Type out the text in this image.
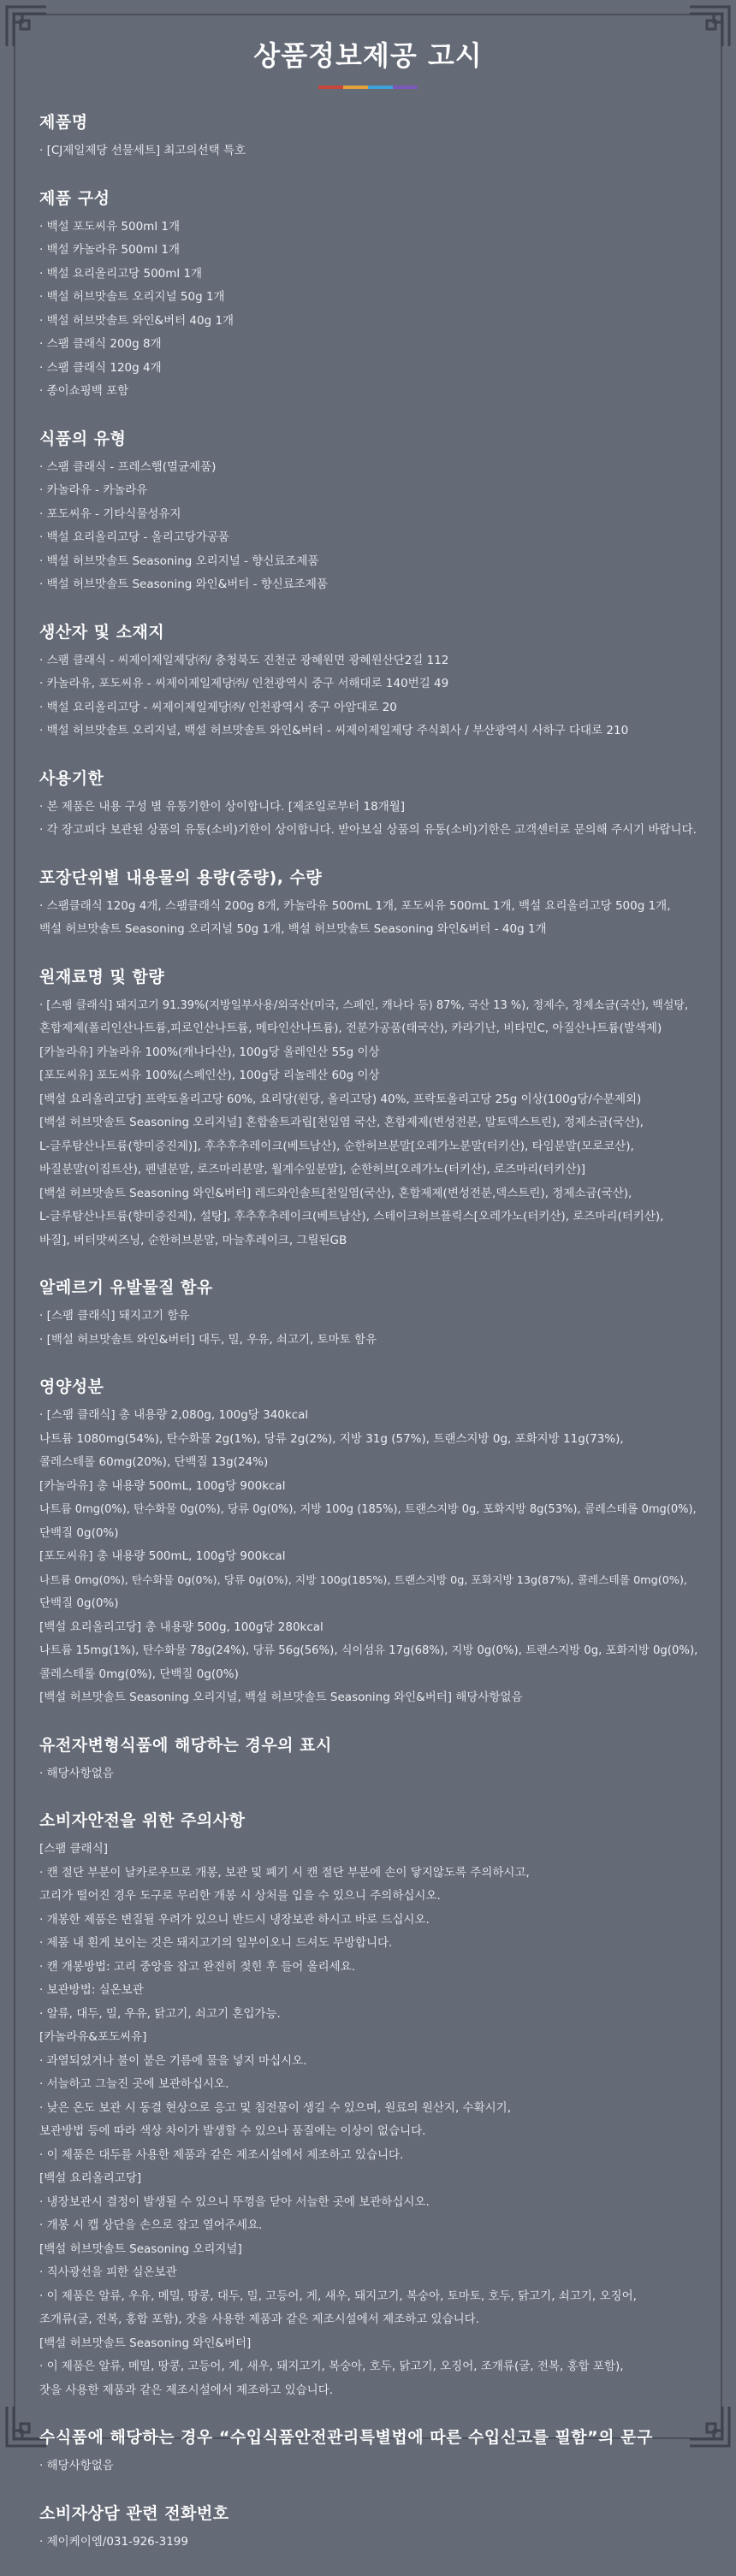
상품정보제공 고시
제품명
· [CJ제일제당 선물세트] 최고의선택 특호
제품 구성
· 백설 포도씨유 500ml 1개
· 백설 카놀라유 500ml 1개
· 백설 요리올리고당 500ml 1개
· 백설 허브맛솔트 오리지널 50g 1개
· 백설 허브맛솔트 와인&버터 40g 1개
· 스팸 클래식 200g 8개
· 스팸 클래식 120g 4개
· 종이쇼핑백 포함
식품의 유형
· 스팸 클래식 - 프레스햄(멸균제품)
· 카놀라유 - 카놀라유
· 포도씨유 - 기타식물성유지
· 백설 요리올리고당 - 올리고당가공품
· 백설 허브맛솔트 Seasoning 오리지널 - 향신료조제품
· 백설 허브맛솔트 Seasoning 와인&버터 - 향신료조제품
생산자 및 소재지
· 스팸 클래식 - 씨제이제일제당㈜/ 충청북도 진천군 광혜원면 광혜원산단2길 112
· 카놀라유, 포도씨유 - 씨제이제일제당㈜/ 인천광역시 중구 서해대로 140번길 49
· 백설 요리올리고당 - 씨제이제일제당㈜/ 인천광역시 중구 아암대로 20
· 백설 허브맛솔트 오리지널, 백설 허브맛솔트 와인&버터 - 씨제이제일제당 주식회사 / 부산광역시 사하구 다대로 210
사용기한
· 본 제품은 내용 구성 별 유통기한이 상이합니다. [제조일로부터 18개월]
· 각 장고피다 보관된 상품의 유통(소비)기한이 상이합니다. 받아보실 상품의 유통(소비)기한은 고객센터로 문의해 주시기 바랍니다.
포장단위별 내용물의 용량(중량), 수량
· 스팸클래식 120g 4개, 스팸클래식 200g 8개, 카놀라유 500mL 1개, 포도씨유 500mL 1개, 백설 요리올리고당 500g 1개,
백설 허브맛솔트 Seasoning 오리지널 50g 1개, 백설 허브맛솔트 Seasoning 와인&버터 - 40g 1개
원재료명 및 함량
· [스팸 클래식] 돼지고기 91.39%(지방일부사용/외국산(미국, 스페인, 캐나다 등) 87%, 국산 13 %), 정제수, 정제소금(국산), 백설탕,
혼합제제(폴리인산나트륨,피로인산나트륨, 메타인산나트륨), 전분가공품(태국산), 카라기난, 비타민C, 아질산나트륨(발색제)
[카놀라유] 카놀라유 100%(캐나다산), 100g당 올레인산 55g 이상
[포도씨유] 포도씨유 100%(스페인산), 100g당 리놀레산 60g 이상
[백설 요리올리고당] 프락토올리고당 60%, 요리당(원당, 올리고당) 40%, 프락토올리고당 25g 이상(100g당/수분제외)
[백설 허브맛솔트 Seasoning 오리지널] 혼합솔트과립[천일염 국산, 혼합제제(변성전분, 말토덱스트린), 정제소금(국산),
L-글루탐산나트륨(향미증진제)], 후추후추레이크(베트남산), 순한허브분말[오레가노분말(터키산), 타임분말(모로코산),
바질분말(이집트산), 펜넬분말, 로즈마리분말, 월계수잎분말], 순한허브[오레가노(터키산), 로즈마리(터키산)]
[백설 허브맛솔트 Seasoning 와인&버터] 레드와인솔트[천일염(국산), 혼합제제(변성전분,덱스트린), 정제소금(국산),
L-글루탐산나트륨(향미증진제), 설탕], 후추후추레이크(베트남산), 스테이크허브플릭스[오레가노(터키산), 로즈마리(터키산),
바질], 버터맛씨즈닝, 순한허브분말, 마늘후레이크, 그릴된GB
알레르기 유발물질 함유
· [스팸 클래식] 돼지고기 함유
· [백설 허브맛솔트 와인&버터] 대두, 밀, 우유, 쇠고기, 토마토 함유
영양성분
· [스팸 클래식] 총 내용량 2,080g, 100g당 340kcal
나트륨 1080mg(54%), 탄수화물 2g(1%), 당류 2g(2%), 지방 31g (57%), 트랜스지방 0g, 포화지방 11g(73%),
콜레스테롤 60mg(20%), 단백질 13g(24%)
[카놀라유] 총 내용량 500mL, 100g당 900kcal
나트륨 0mg(0%), 탄수화물 0g(0%), 당류 0g(0%), 지방 100g (185%), 트랜스지방 0g, 포화지방 8g(53%), 콜레스테롤 0mg(0%),
단백질 0g(0%)
[포도씨유] 총 내용량 500mL, 100g당 900kcal
나트륨 0mg(0%), 탄수화물 0g(0%), 당류 0g(0%), 지방 100g(185%), 트랜스지방 0g, 포화지방 13g(87%), 콜레스테롤 0mg(0%),
단백질 0g(0%)
[백설 요리올리고당] 총 내용량 500g, 100g당 280kcal
나트륨 15mg(1%), 탄수화물 78g(24%), 당류 56g(56%), 식이섬유 17g(68%), 지방 0g(0%), 트랜스지방 0g, 포화지방 0g(0%),
콜레스테롤 0mg(0%), 단백질 0g(0%)
[백설 허브맛솔트 Seasoning 오리지널, 백설 허브맛솔트 Seasoning 와인&버터] 해당사항없음
유전자변형식품에 해당하는 경우의 표시
· 해당사항없음
소비자안전을 위한 주의사항
[스팸 클래식]
· 캔 절단 부분이 날카로우므로 개봉, 보관 및 폐기 시 캔 절단 부분에 손이 닿지않도록 주의하시고,
고리가 떨어진 경우 도구로 무리한 개봉 시 상처를 입을 수 있으니 주의하십시오.
· 개봉한 제품은 변질될 우려가 있으니 반드시 냉장보관 하시고 바로 드십시오.
· 제품 내 흰게 보이는 것은 돼지고기의 일부이오니 드셔도 무방합니다.
· 캔 개봉방법: 고리 중앙을 잡고 완전히 젖힌 후 들어 올리세요.
· 보관방법: 실온보관
· 알류, 대두, 밀, 우유, 닭고기, 쇠고기 혼입가능.
[카놀라유&포도씨유]
· 과열되었거나 불이 붙은 기름에 물을 넣지 마십시오.
· 서늘하고 그늘진 곳에 보관하십시오.
· 낮은 온도 보관 시 동결 현상으로 응고 및 침전물이 생길 수 있으며, 원료의 원산지, 수확시기,
보관방법 등에 따라 색상 차이가 발생할 수 있으나 품질에는 이상이 없습니다.
· 이 제품은 대두를 사용한 제품과 같은 제조시설에서 제조하고 있습니다.
[백설 요리올리고당]
· 냉장보관시 결정이 발생될 수 있으니 뚜껑을 닫아 서늘한 곳에 보관하십시오.
· 개봉 시 캡 상단을 손으로 잡고 열어주세요.
[백설 허브맛솔트 Seasoning 오리지널]
· 직사광선을 피한 실온보관
· 이 제품은 알류, 우유, 메밀, 땅콩, 대두, 밀, 고등어, 게, 새우, 돼지고기, 복숭아, 토마토, 호두, 닭고기, 쇠고기, 오징어,
조개류(굴, 전복, 홍합 포함), 잣을 사용한 제품과 같은 제조시설에서 제조하고 있습니다.
[백설 허브맛솔트 Seasoning 와인&버터]
· 이 제품은 알류, 메밀, 땅콩, 고등어, 게, 새우, 돼지고기, 복숭아, 호두, 닭고기, 오징어, 조개류(굴, 전복, 홍합 포함),
잣을 사용한 제품과 같은 제조시설에서 제조하고 있습니다.
수식품에 해당하는 경우 “수입식품안전관리특별법에 따른 수입신고를 필함”의 문구
· 해당사항없음
소비자상담 관련 전화번호
· 제이케이엠/031-926-3199
